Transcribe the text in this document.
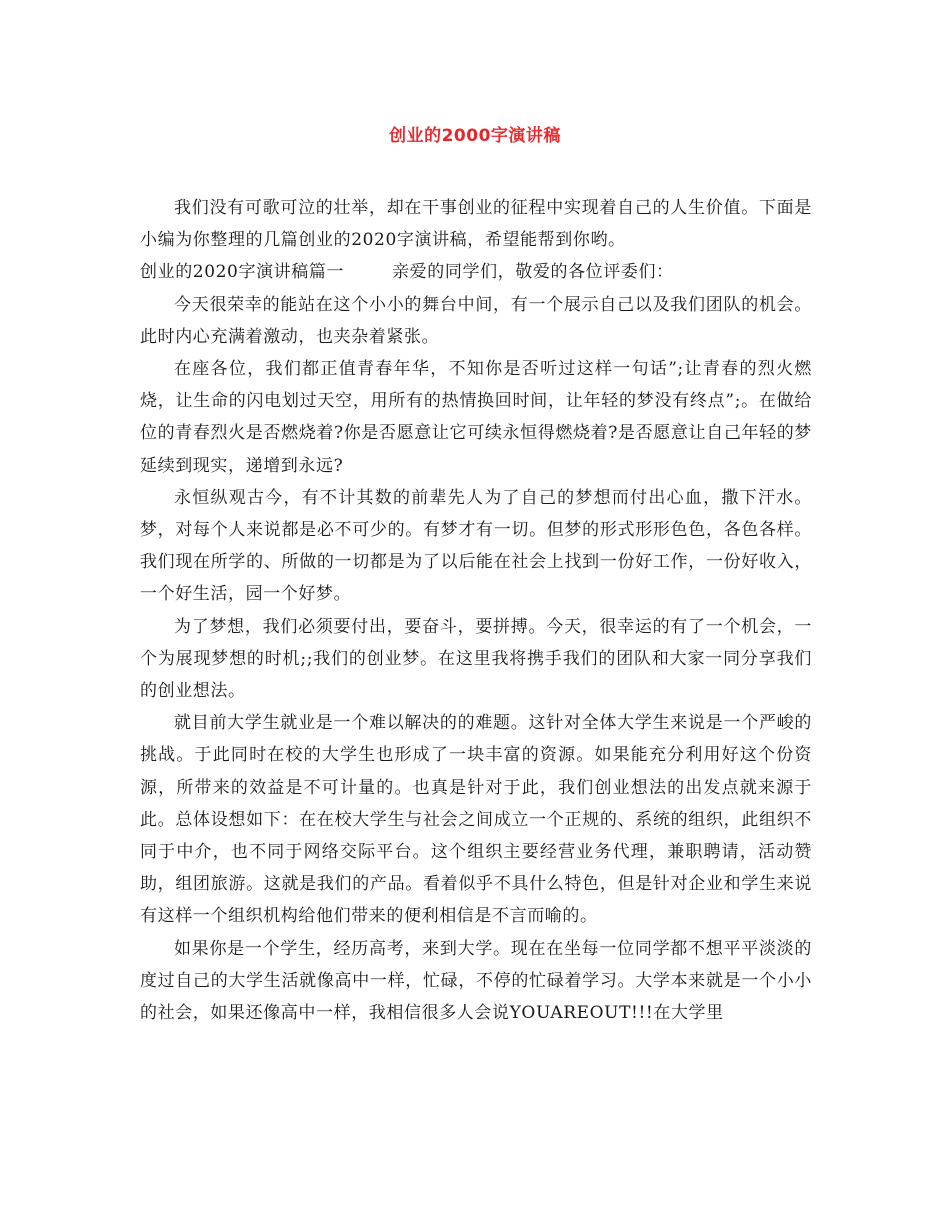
创业的2000字演讲稿

我们没有可歌可泣的壮举，却在干事创业的征程中实现着自己的人生价值。下面是小编为你整理的几篇创业的2020字演讲稿，希望能帮到你哟。

创业的2020字演讲稿篇一	亲爱的同学们，敬爱的各位评委们：

今天很荣幸的能站在这个小小的舞台中间，有一个展示自己以及我们团队的机会。此时内心充满着激动，也夹杂着紧张。

在座各位，我们都正值青春年华，不知你是否听过这样一句话”;让青春的烈火燃烧，让生命的闪电划过天空，用所有的热情换回时间，让年轻的梦没有终点”;。在做给位的青春烈火是否燃烧着?你是否愿意让它可续永恒得燃烧着?是否愿意让自己年轻的梦延续到现实，递增到永远?

永恒纵观古今，有不计其数的前辈先人为了自己的梦想而付出心血，撒下汗水。梦，对每个人来说都是必不可少的。有梦才有一切。但梦的形式形形色色，各色各样。我们现在所学的、所做的一切都是为了以后能在社会上找到一份好工作，一份好收入，一个好生活，园一个好梦。

为了梦想，我们必须要付出，要奋斗，要拼搏。今天，很幸运的有了一个机会，一个为展现梦想的时机;;我们的创业梦。在这里我将携手我们的团队和大家一同分享我们的创业想法。

就目前大学生就业是一个难以解决的的难题。这针对全体大学生来说是一个严峻的挑战。于此同时在校的大学生也形成了一块丰富的资源。如果能充分利用好这个份资源，所带来的效益是不可计量的。也真是针对于此，我们创业想法的出发点就来源于此。总体设想如下：在在校大学生与社会之间成立一个正规的、系统的组织，此组织不同于中介，也不同于网络交际平台。这个组织主要经营业务代理，兼职聘请，活动赞助，组团旅游。这就是我们的产品。看着似乎不具什么特色，但是针对企业和学生来说有这样一个组织机构给他们带来的便利相信是不言而喻的。

如果你是一个学生，经历高考，来到大学。现在在坐每一位同学都不想平平淡淡的度过自己的大学生活就像高中一样，忙碌，不停的忙碌着学习。大学本来就是一个小小的社会，如果还像高中一样，我相信很多人会说YOUAREOUT!!!在大学里
